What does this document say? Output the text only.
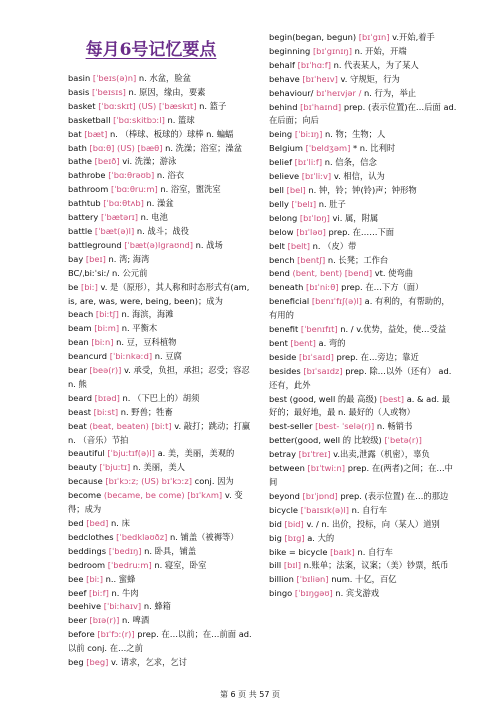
每月6号记忆要点
basin [ˈbeɪs(ə)n] n. 水盆，脸盆
basis [ˈbeɪsɪs] n. 原因，缘由，要素
basket [ˈbɑːskɪt] (US) [ˈbæskɪt] n. 篮子
basketball [ˈbɑːskitbɔːl] n. 篮球
bat [bæt] n. （棒球、板球的）球棒 n. 蝙蝠
bath [bɑːθ] (US) [bæθ] n. 洗澡；浴室；澡盆
bathe [beɪð] vi. 洗澡；游泳
bathrobe [ˈbɑːθrəʊb] n. 浴衣
bathroom [ˈbɑːθruːm] n. 浴室，盥洗室
bathtub [ˈbɑːθtʌb] n. 澡盆
battery [ˈbætərɪ] n. 电池
battle [ˈbæt(ə)l] n. 战斗；战役
battleground [ˈbæt(ə)lgraʊnd] n. 战场
bay [beɪ] n. 湾; 海湾
BC/ˌbiːˈsiː/ n. 公元前
be [biː] v. 是（原形），其人称和时态形式有(am, is, are, was, were, being, been)；成为
beach [biːtʃ] n. 海滨，海滩
beam [biːm] n. 平衡木
bean [biːn] n. 豆，豆科植物
beancurd [ˈbiːnkəːd] n. 豆腐
bear [beə(r)] v. 承受，负担，承担；忍受；容忍 n. 熊
beard [bɪəd] n. （下巴上的）胡须
beast [biːst] n. 野兽；牲畜
beat (beat, beaten) [biːt] v. 敲打；跳动；打赢 n. （音乐）节拍
beautiful [ˈbjuːtɪf(ə)l] a. 美，美丽，美观的
beauty [ˈbjuːtɪ] n. 美丽，美人
because [bɪˈkɔːz; (US) bɪˈkɔːz] conj. 因为
become (became, be come) [bɪˈkʌm] v. 变得；成为
bed [bed] n. 床
bedclothes [ˈbedkləʊðz] n. 铺盖（被褥等）
beddings [ˈbedɪŋ] n. 卧具，铺盖
bedroom [ˈbedruːm] n. 寝室，卧室
bee [biː] n.. 蜜蜂
beef [biːf] n. 牛肉
beehive [ˈbiːhaɪv] n. 蜂箱
beer [bɪə(r)] n. 啤酒
before [bɪˈfɔː(r)] prep. 在…以前；在…前面 ad. 以前 conj. 在…之前
beg [beg] v. 请求，乞求，乞讨
begin(began, begun) [bɪˈgɪn] v.开始,着手
beginning [bɪˈgɪnɪŋ] n. 开始，开端
behalf [bɪˈhɑːf] n. 代表某人，为了某人
behave [bɪˈheɪv] v. 守规矩，行为
behaviour/ bɪˈheɪvjər / n. 行为，举止
behind [bɪˈhaɪnd] prep. (表示位置)在…后面 ad. 在后面；向后
being [ˈbiːɪŋ] n. 物；生物；人
Belgium [ˈbeldʒəm] * n. 比利时
belief [bɪˈliːf] n. 信条，信念
believe [bɪˈliːv] v. 相信，认为
bell [bel] n. 钟，铃；钟(铃)声；钟形物
belly [ˈbelɪ] n. 肚子
belong [bɪˈlɒŋ] vi. 属，附属
below [bɪˈləʊ] prep. 在……下面
belt [belt] n. （皮）带
bench [bentʃ] n. 长凳；工作台
bend (bent, bent) [bend] vt. 使弯曲
beneath [bɪˈniːθ] prep. 在…下方（面）
beneficial [benɪˈfɪʃ(ə)l] a. 有利的，有帮助的，有用的
benefit [ˈbenɪfɪt] n. / v.优势，益处，使…受益
bent [bent] a. 弯的
beside [bɪˈsaɪd] prep. 在…旁边；靠近
besides [bɪˈsaɪdz] prep. 除…以外（还有） ad. 还有，此外
best (good, well 的最 高级) [best] a. & ad. 最好的；最好地，最 n. 最好的（人或物）
best-seller [best- ˈselə(r)] n. 畅销书
better(good, well 的 比较级) [ˈbetə(r)]
betray [bɪˈtreɪ] v.出卖,泄露（机密），辜负
between [bɪˈtwiːn] prep. 在(两者)之间；在…中间
beyond [bɪˈjɒnd] prep. (表示位置) 在…的那边
bicycle [ˈbaɪsɪk(ə)l] n. 自行车
bid [bid] v. / n. 出价，投标，向（某人）道别
big [bɪg] a. 大的
bike = bicycle [baɪk] n. 自行车
bill [bɪl] n.账单；法案，议案；（美）钞票，纸币
billion [ˈbɪliən] num. 十亿，百亿
bingo [ˈbɪŋgəʊ] n. 宾戈游戏
第 6 页 共 57 页
